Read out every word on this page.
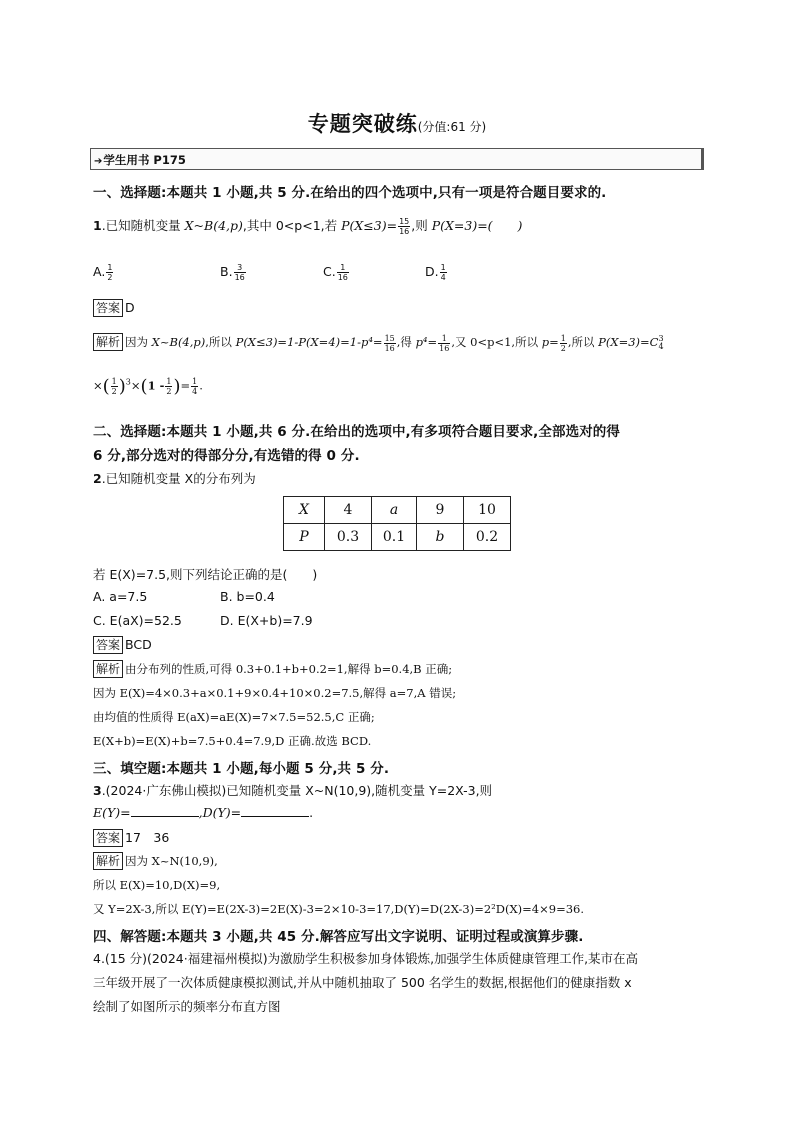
专题突破练(分值:61 分)
➔学生用书 P175
一、选择题:本题共 1 小题,共 5 分.在给出的四个选项中,只有一项是符合题目要求的.
1.已知随机变量 X~B(4,p),其中 0<p<1,若 $P(X\le 3)= \frac{15}{16}$ ,则 P(X=3)=(　　)
A. $\frac{1}{2}$	B. $\frac{3}{16}$	C. $\frac{1}{16}$	D. $\frac{1}{4}$
答案 D
解析 因为 X~B(4,p),所以 $P(X\le 3)=1-P(X=4)=1-p^4= \frac{15}{16}$ ,得 $p^4= \frac{1}{16}$ ,又 0<p<1,所以 $p= \frac{1}{2}$ ,所以 P(X=3)=C 3
4
×( $\frac{1}{2} )^3\times(1 - \frac{1}{2}$ )= $\frac{1}{4}$ .
二、选择题:本题共 1 小题,共 6 分.在给出的选项中,有多项符合题目要求,全部选对的得
6 分,部分选对的得部分分,有选错的得 0 分.
2.已知随机变量 X的分布列为
X	4	a	9	10
P	0.3	0.1	b	0.2
若 E(X)=7.5,则下列结论正确的是(　　)
A. a=7.5	B. b=0.4
C. E(aX)=52.5	D. E(X+b)=7.9
答案 BCD
解析 由分布列的性质,可得 0.3+0.1+b+0.2=1,解得 b=0.4,B 正确;
因为 E(X)=4×0.3+a×0.1+9×0.4+10×0.2=7.5,解得 a=7,A 错误;
由均值的性质得 E(aX)=aE(X)=7×7.5=52.5,C 正确;
E(X+b)=E(X)+b=7.5+0.4=7.9,D 正确.故选 BCD.
三、填空题:本题共 1 小题,每小题 5 分,共 5 分.
3.(2024·广东佛山模拟)已知随机变量 X~N(10,9),随机变量 Y=2X-3,则
E(Y)=	,D(Y)=	.
答案 17　36
解析 因为 X~N(10,9),
所以 E(X)=10,D(X)=9,
又 Y=2X-3,所以 E(Y)=E(2X-3)=2E(X)-3=2×10-3=17,D(Y)=D(2X-3)=2²D(X)=4×9=36.
四、解答题:本题共 3 小题,共 45 分.解答应写出文字说明、证明过程或演算步骤.
4.(15 分)(2024·福建福州模拟)为激励学生积极参加身体锻炼,加强学生体质健康管理工作,某市在高
三年级开展了一次体质健康模拟测试,并从中随机抽取了 500 名学生的数据,根据他们的健康指数 x
绘制了如图所示的频率分布直方图
